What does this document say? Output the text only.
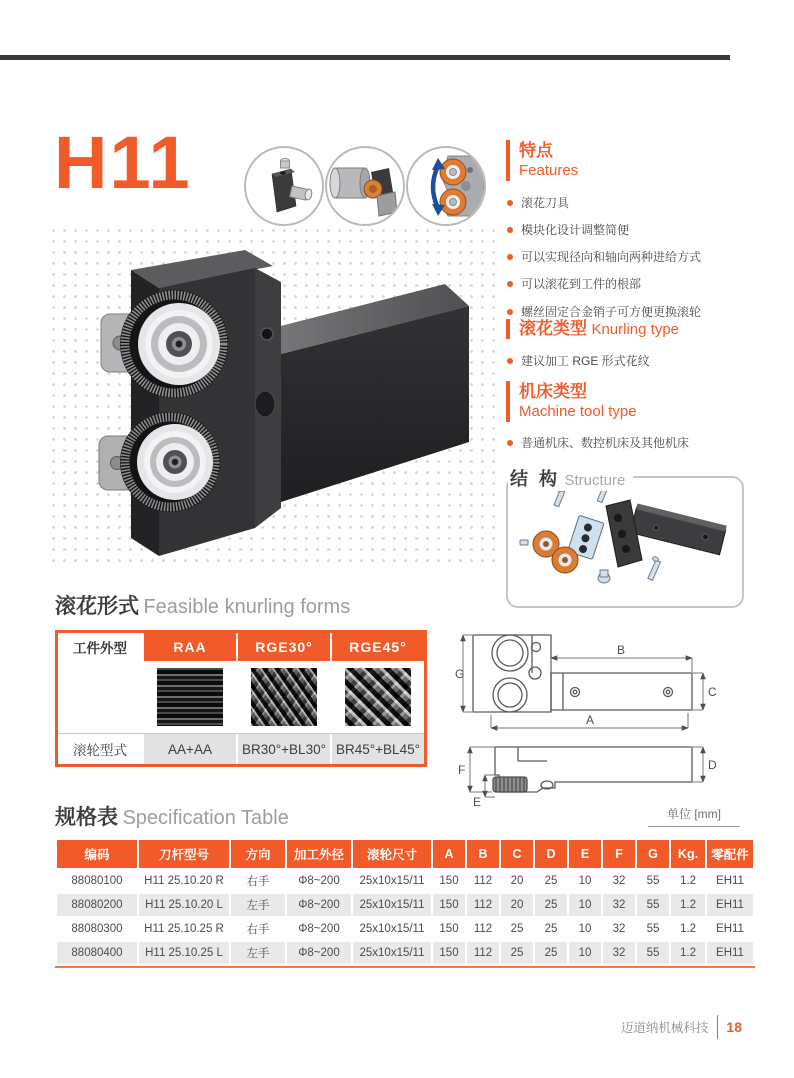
H11	特点
Features
滚花刀具
模块化设计调整简便
可以实现径向和轴向两种进给方式
可以滚花到工件的根部
螺丝固定合金销子可方便更换滚轮
滚花类型 Knurling type
建议加工 RGE 形式花纹
机床类型
Machine tool type
普通机床、数控机床及其他机床
结 构 Structure
滚花形式 Feasible knurling forms
工件外型	RAA	RGE30°	RGE45°
滚轮型式	AA+AA	BR30°+BL30° BR45°+BL45°
G
B
C
A
F
E
D
规格表 Specification Table	单位 [mm]
编码	刀杆型号	方向	加工外径	滚轮尺寸	A	B	C	D	E	F	G	Kg.	零配件
88080100	H11 25.10.20 R	右手	Φ8~200	25x10x15/11	150	112	20	25	10	32	55	1.2	EH11
88080200	H11 25.10.20 L	左手	Φ8~200	25x10x15/11	150	112	20	25	10	32	55	1.2	EH11
88080300	H11 25.10.25 R	右手	Φ8~200	25x10x15/11	150	112	25	25	10	32	55	1.2	EH11
88080400	H11 25.10.25 L	左手	Φ8~200	25x10x15/11	150	112	25	25	10	32	55	1.2	EH11
迈道纳机械科技 18
